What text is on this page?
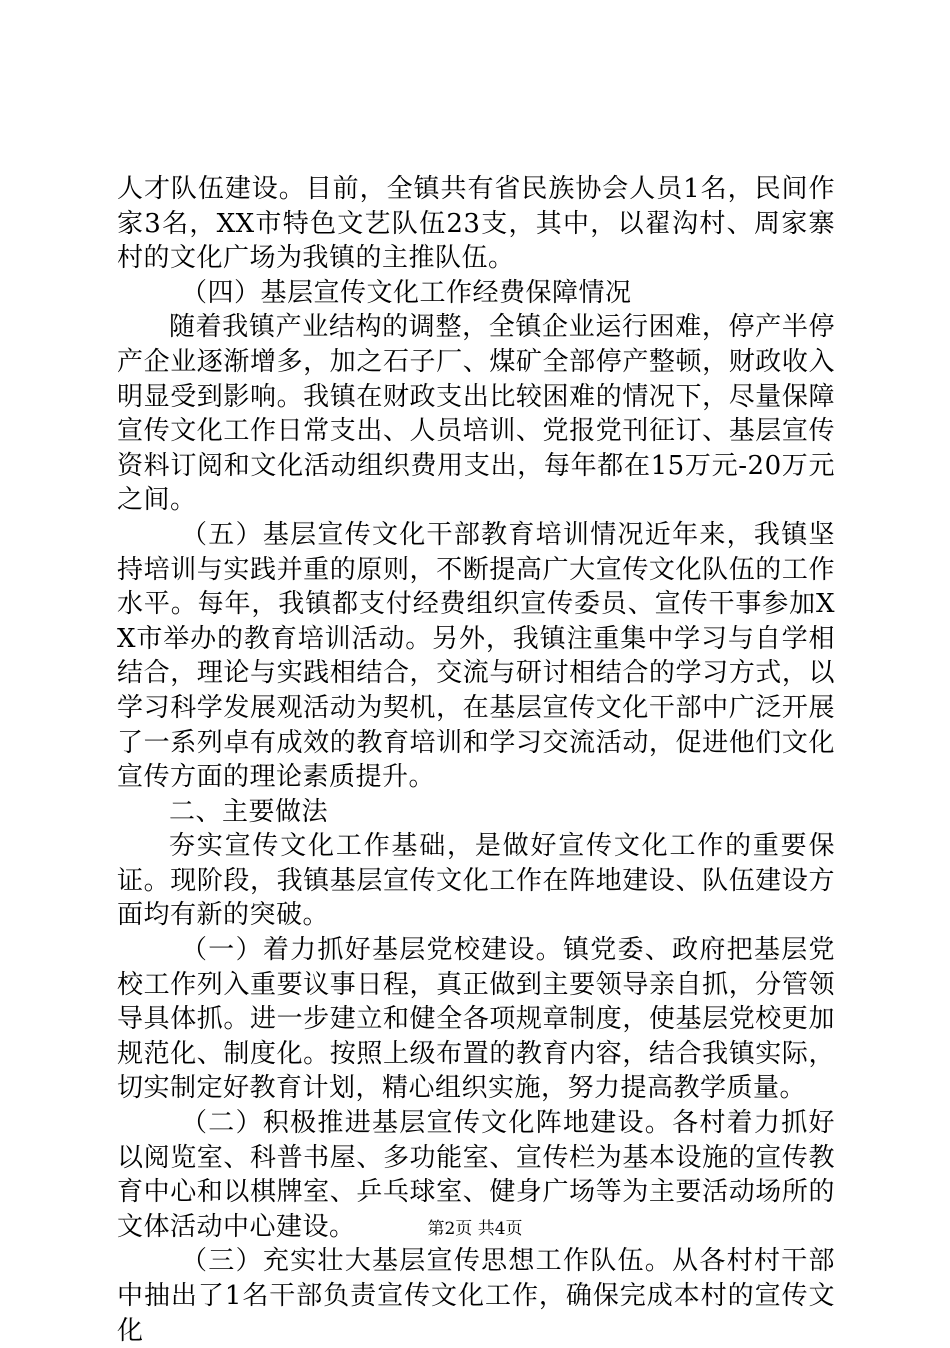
人才队伍建设。目前，全镇共有省民族协会人员1名，民间作家3名，XX市特色文艺队伍23支，其中，以翟沟村、周家寨村的文化广场为我镇的主推队伍。

（四）基层宣传文化工作经费保障情况

随着我镇产业结构的调整，全镇企业运行困难，停产半停产企业逐渐增多，加之石子厂、煤矿全部停产整顿，财政收入明显受到影响。我镇在财政支出比较困难的情况下，尽量保障宣传文化工作日常支出、人员培训、党报党刊征订、基层宣传资料订阅和文化活动组织费用支出，每年都在15万元-20万元之间。

（五）基层宣传文化干部教育培训情况近年来，我镇坚持培训与实践并重的原则，不断提高广大宣传文化队伍的工作水平。每年，我镇都支付经费组织宣传委员、宣传干事参加XX市举办的教育培训活动。另外，我镇注重集中学习与自学相结合，理论与实践相结合，交流与研讨相结合的学习方式，以学习科学发展观活动为契机，在基层宣传文化干部中广泛开展了一系列卓有成效的教育培训和学习交流活动，促进他们文化宣传方面的理论素质提升。

二、主要做法

夯实宣传文化工作基础，是做好宣传文化工作的重要保证。现阶段，我镇基层宣传文化工作在阵地建设、队伍建设方面均有新的突破。

（一）着力抓好基层党校建设。镇党委、政府把基层党校工作列入重要议事日程，真正做到主要领导亲自抓，分管领导具体抓。进一步建立和健全各项规章制度，使基层党校更加规范化、制度化。按照上级布置的教育内容，结合我镇实际，切实制定好教育计划，精心组织实施，努力提高教学质量。

（二）积极推进基层宣传文化阵地建设。各村着力抓好以阅览室、科普书屋、多功能室、宣传栏为基本设施的宣传教育中心和以棋牌室、乒乓球室、健身广场等为主要活动场所的文体活动中心建设。

（三）充实壮大基层宣传思想工作队伍。从各村村干部中抽出了1名干部负责宣传文化工作，确保完成本村的宣传文化

第2页 共4页
